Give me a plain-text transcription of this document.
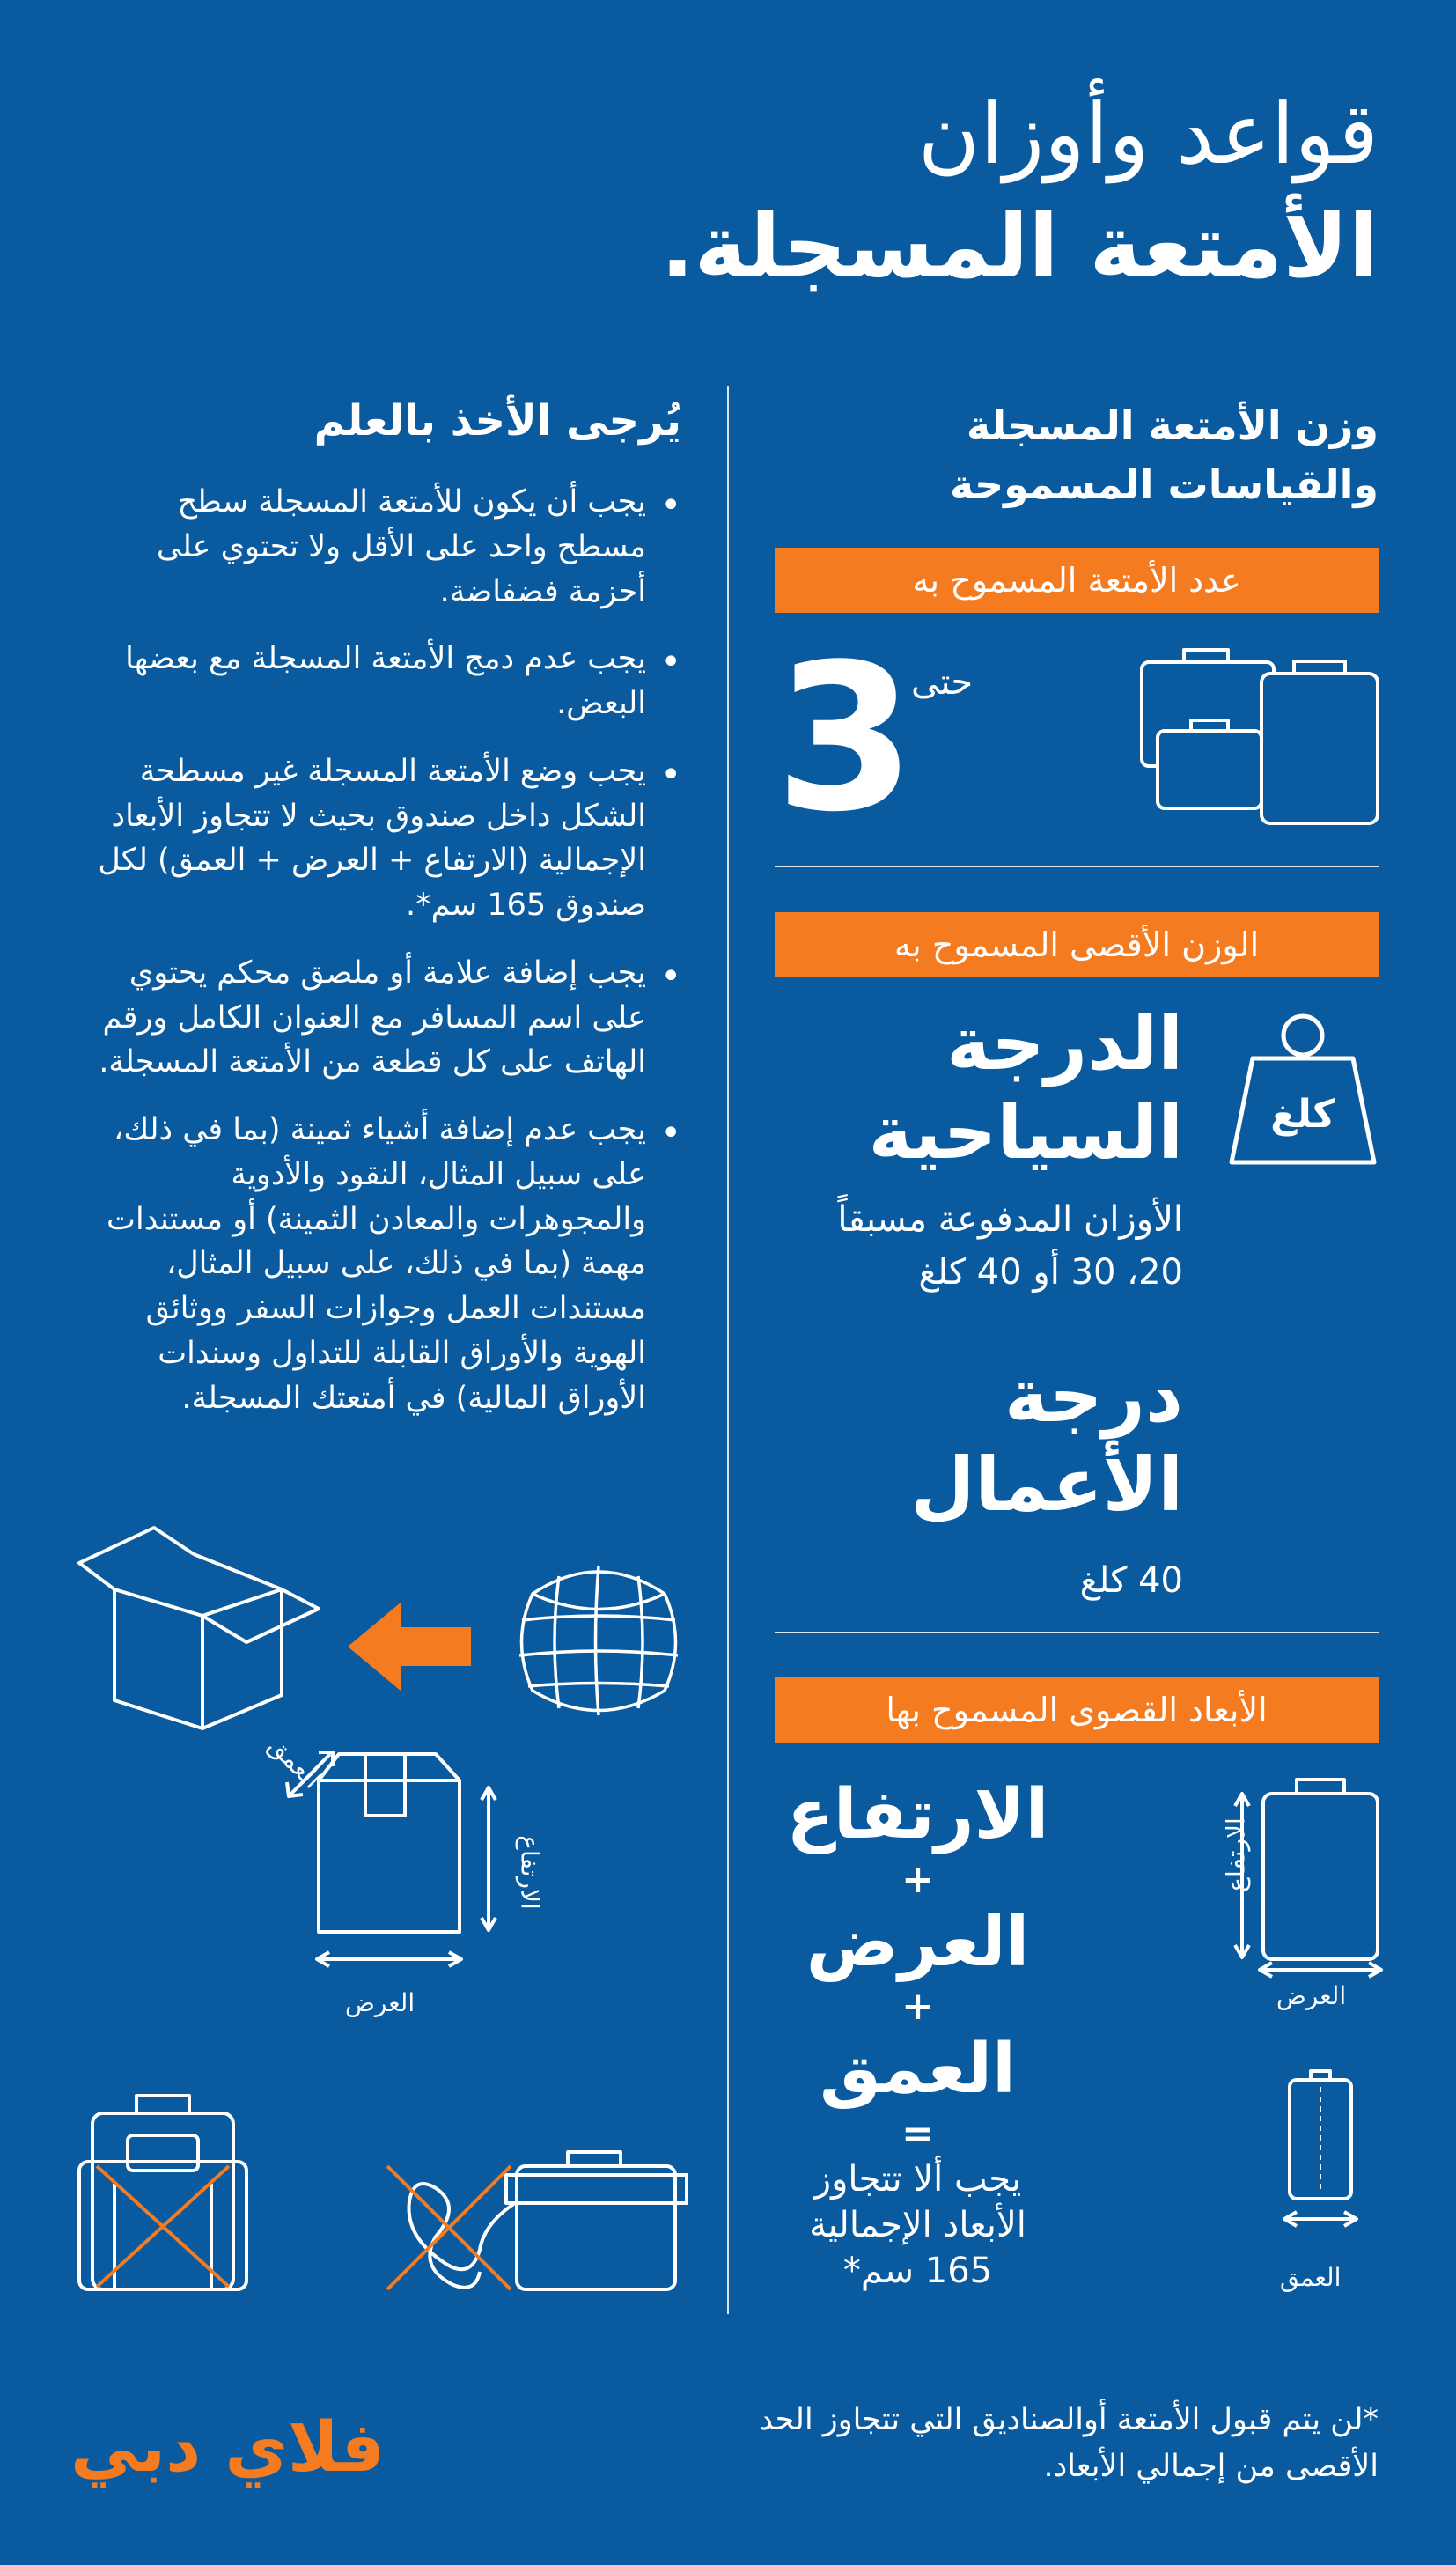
قواعد وأوزان
الأمتعة المسجلة.
وزن الأمتعة المسجلة
والقياسات المسموحة
عدد الأمتعة المسموح به
3
حتى
الوزن الأقصى المسموح به
الدرجة
السياحية
الأوزان المدفوعة مسبقاً
20، 30 أو 40 كلغ
كلغ
درجة
الأعمال
40 كلغ
الأبعاد القصوى المسموح بها
الارتفاع
+
العرض
+
العمق
=
يجب ألا تتجاوز
الأبعاد الإجمالية
165 سم*
الارتفاع
العرض
العمق
يُرجى الأخذ بالعلم
• يجب أن يكون للأمتعة المسجلة سطح مسطح واحد على الأقل ولا تحتوي على أحزمة فضفاضة.
• يجب عدم دمج الأمتعة المسجلة مع بعضها البعض.
• يجب وضع الأمتعة المسجلة غير مسطحة الشكل داخل صندوق بحيث لا تتجاوز الأبعاد الإجمالية (الارتفاع + العرض + العمق) لكل صندوق 165 سم*.
• يجب إضافة علامة أو ملصق محكم يحتوي على اسم المسافر مع العنوان الكامل ورقم الهاتف على كل قطعة من الأمتعة المسجلة.
• يجب عدم إضافة أشياء ثمينة (بما في ذلك، على سبيل المثال، النقود والأدوية والمجوهرات والمعادن الثمينة) أو مستندات مهمة (بما في ذلك، على سبيل المثال، مستندات العمل وجوازات السفر ووثائق الهوية والأوراق القابلة للتداول وسندات الأوراق المالية) في أمتعتك المسجلة.
العمق
الارتفاع
العرض
*لن يتم قبول الأمتعة أوالصناديق التي تتجاوز الحد الأقصى من إجمالي الأبعاد.
فلاي دبي
